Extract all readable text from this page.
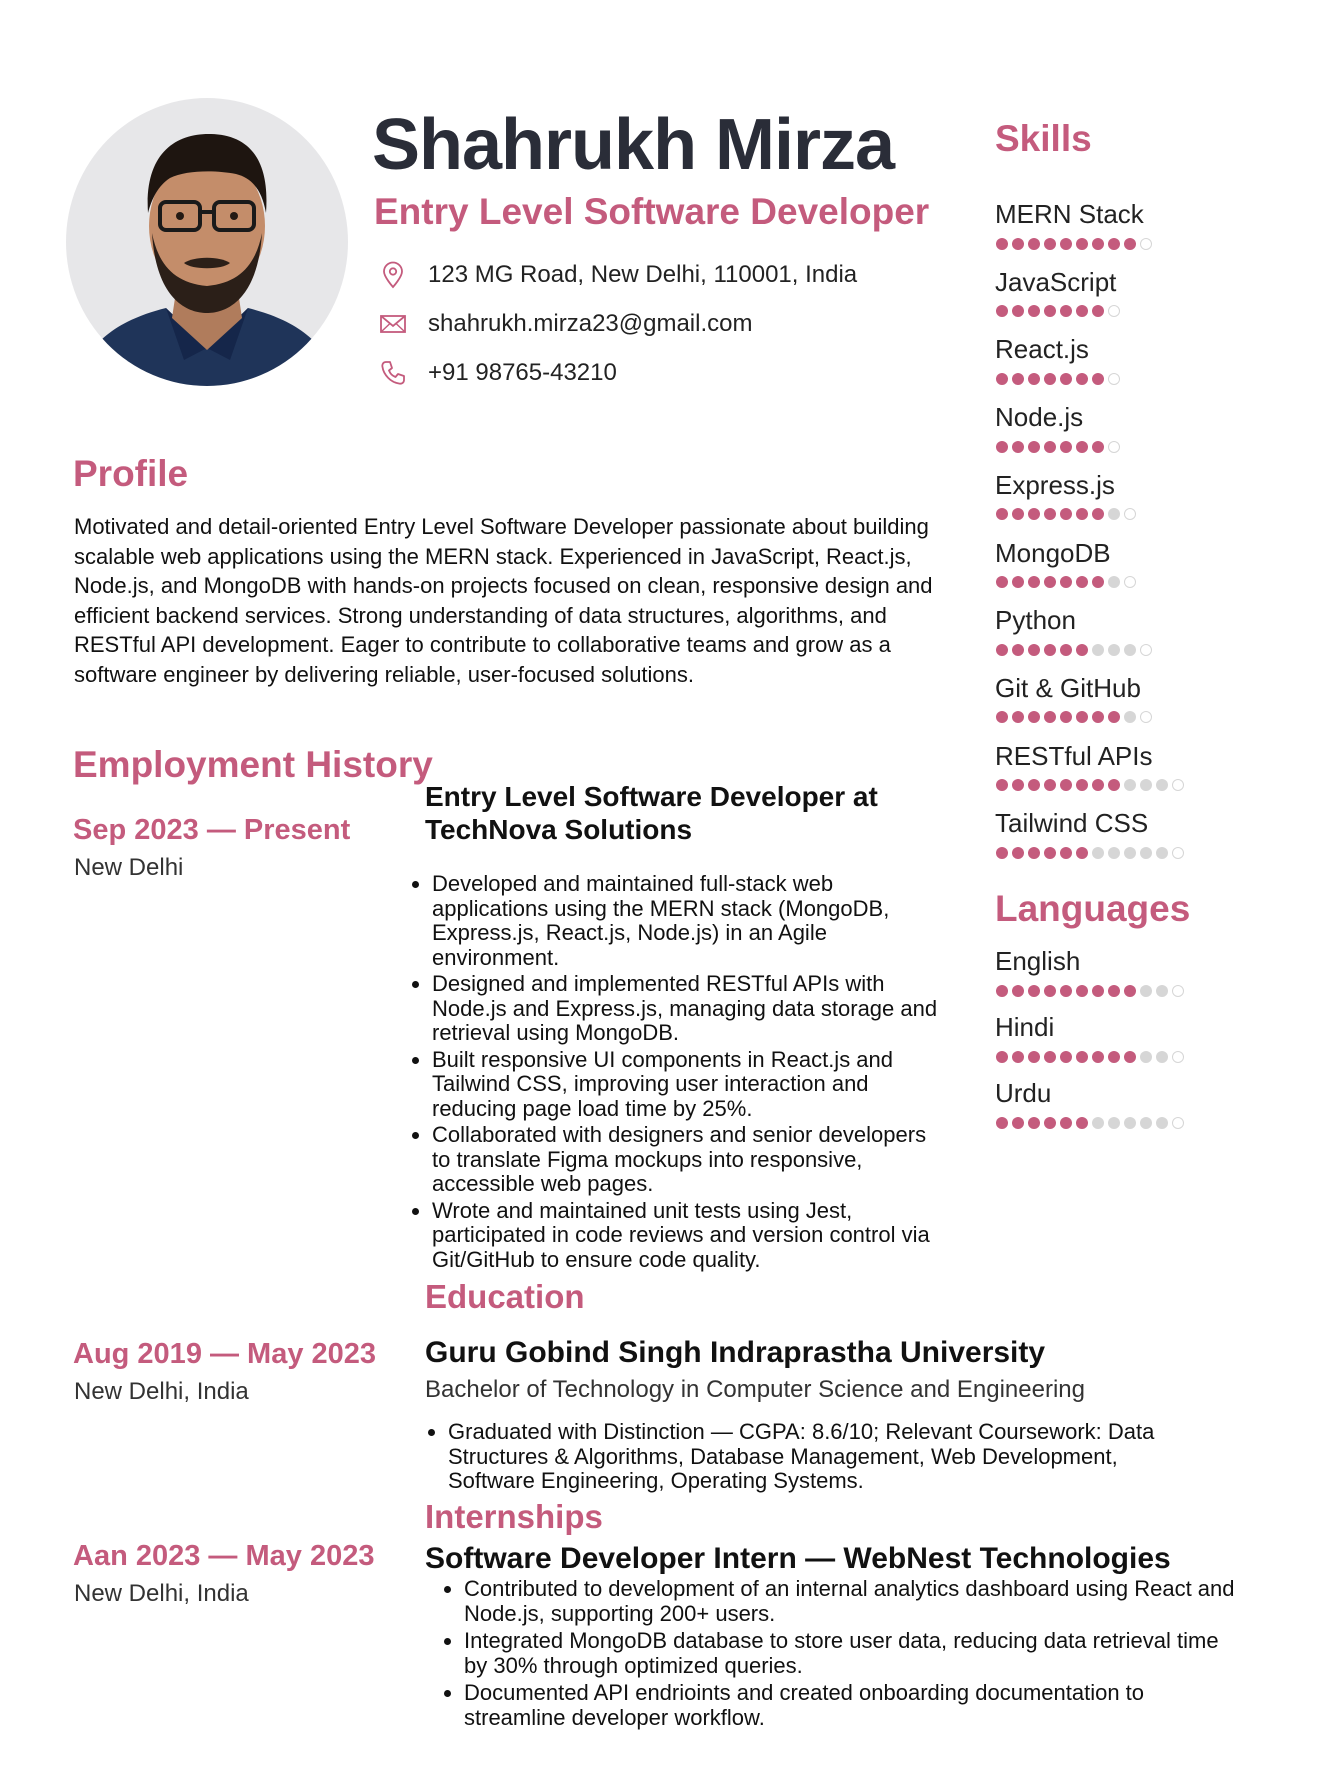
Shahrukh Mirza
Entry Level Software Developer
123 MG Road, New Delhi, 110001, India
shahrukh.mirza23@gmail.com
+91 98765-43210
Profile
Motivated and detail-oriented Entry Level Software Developer passionate about building scalable web applications using the MERN stack. Experienced in JavaScript, React.js, Node.js, and MongoDB with hands-on projects focused on clean, responsive design and efficient backend services. Strong understanding of data structures, algorithms, and RESTful API development. Eager to contribute to collaborative teams and grow as a software engineer by delivering reliable, user-focused solutions.
Employment History
Sep 2023 — Present
New Delhi
Entry Level Software Developer at TechNova Solutions
• Developed and maintained full-stack web applications using the MERN stack (MongoDB, Express.js, React.js, Node.js) in an Agile environment.
• Designed and implemented RESTful APIs with Node.js and Express.js, managing data storage and retrieval using MongoDB.
• Built responsive UI components in React.js and Tailwind CSS, improving user interaction and reducing page load time by 25%.
• Collaborated with designers and senior developers to translate Figma mockups into responsive, accessible web pages.
• Wrote and maintained unit tests using Jest, participated in code reviews and version control via Git/GitHub to ensure code quality.
Education
Aug 2019 — May 2023
New Delhi, India
Guru Gobind Singh Indraprastha University
Bachelor of Technology in Computer Science and Engineering
• Graduated with Distinction — CGPA: 8.6/10; Relevant Coursework: Data Structures & Algorithms, Database Management, Web Development, Software Engineering, Operating Systems.
Internships
Aan 2023 — May 2023
New Delhi, India
Software Developer Intern — WebNest Technologies
• Contributed to development of an internal analytics dashboard using React and Node.js, supporting 200+ users.
• Integrated MongoDB database to store user data, reducing data retrieval time by 30% through optimized queries.
• Documented API endrioints and created onboarding documentation to streamline developer workflow.
Skills
MERN Stack
JavaScript
React.js
Node.js
Express.js
MongoDB
Python
Git & GitHub
RESTful APIs
Tailwind CSS
Languages
English
Hindi
Urdu
